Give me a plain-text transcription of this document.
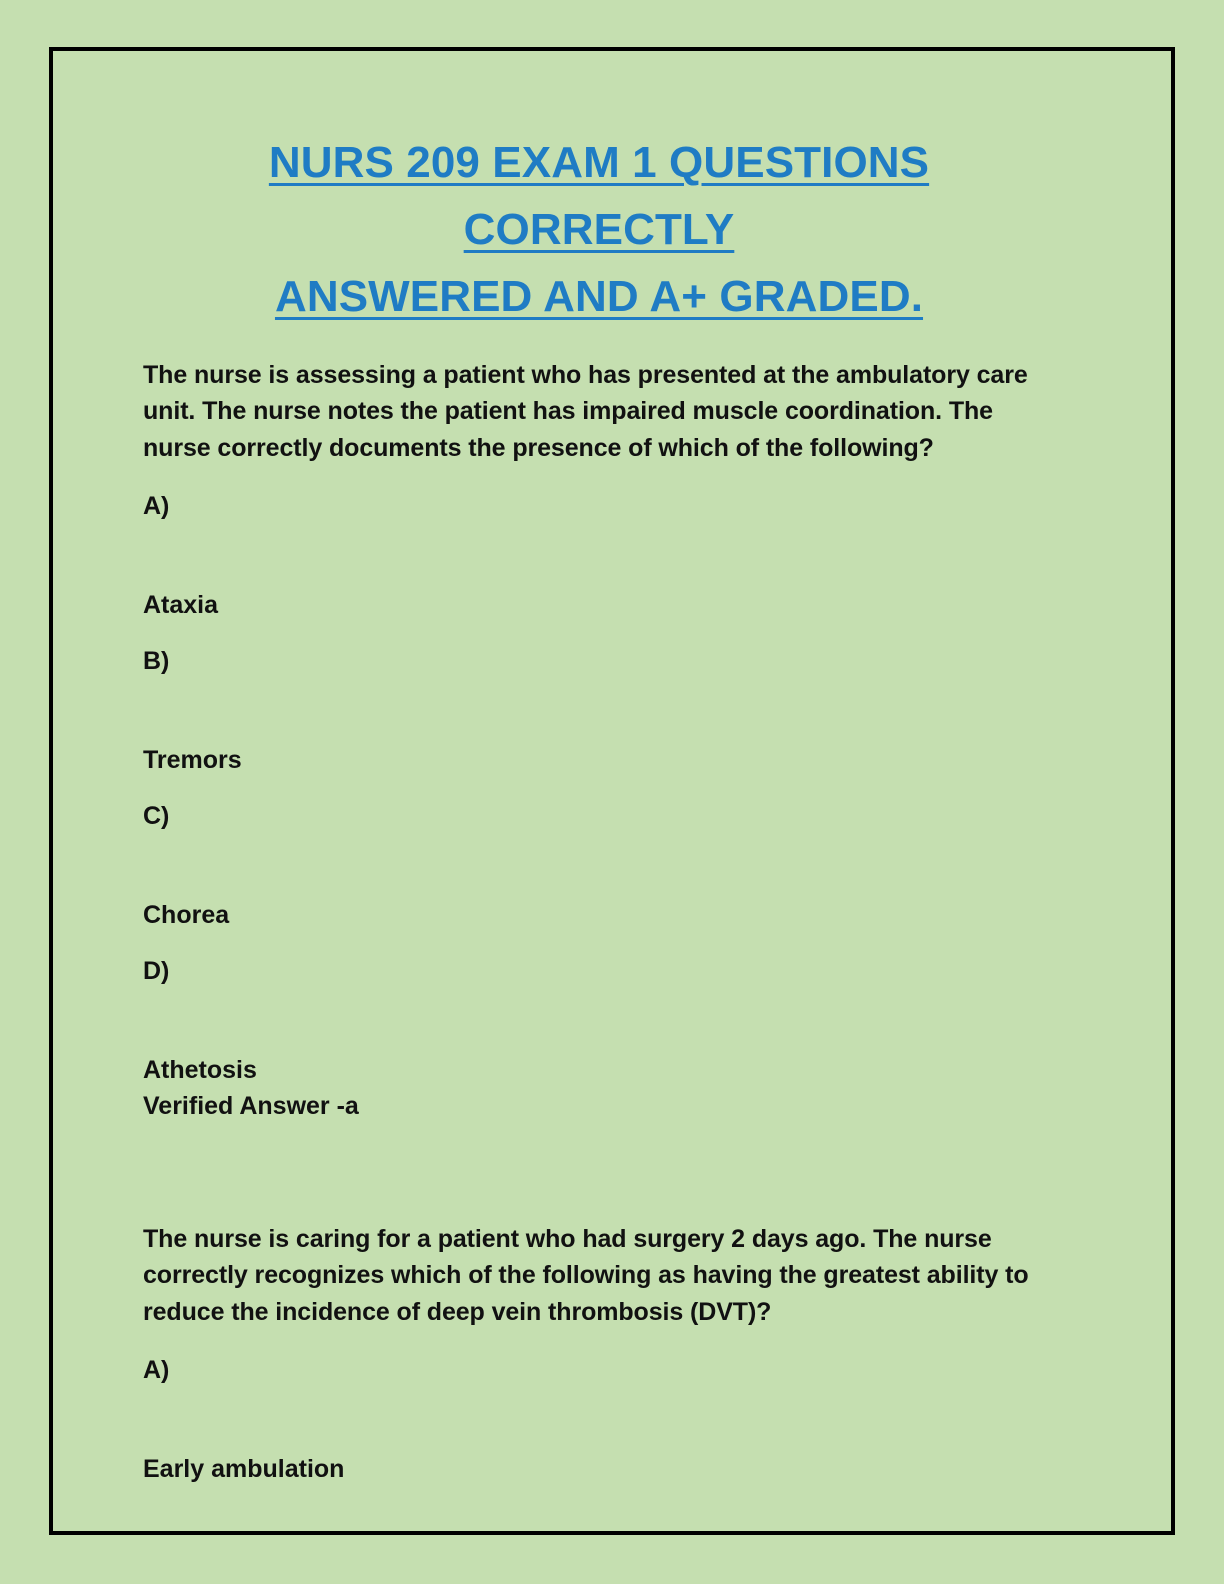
NURS 209 EXAM 1 QUESTIONS CORRECTLY
ANSWERED AND A+ GRADED.

The nurse is assessing a patient who has presented at the ambulatory care unit. The nurse notes the patient has impaired muscle coordination. The nurse correctly documents the presence of which of the following?

A)

Ataxia

B)

Tremors

C)

Chorea

D)

Athetosis

Verified Answer -a

The nurse is caring for a patient who had surgery 2 days ago. The nurse correctly recognizes which of the following as having the greatest ability to reduce the incidence of deep vein thrombosis (DVT)?

A)

Early ambulation
